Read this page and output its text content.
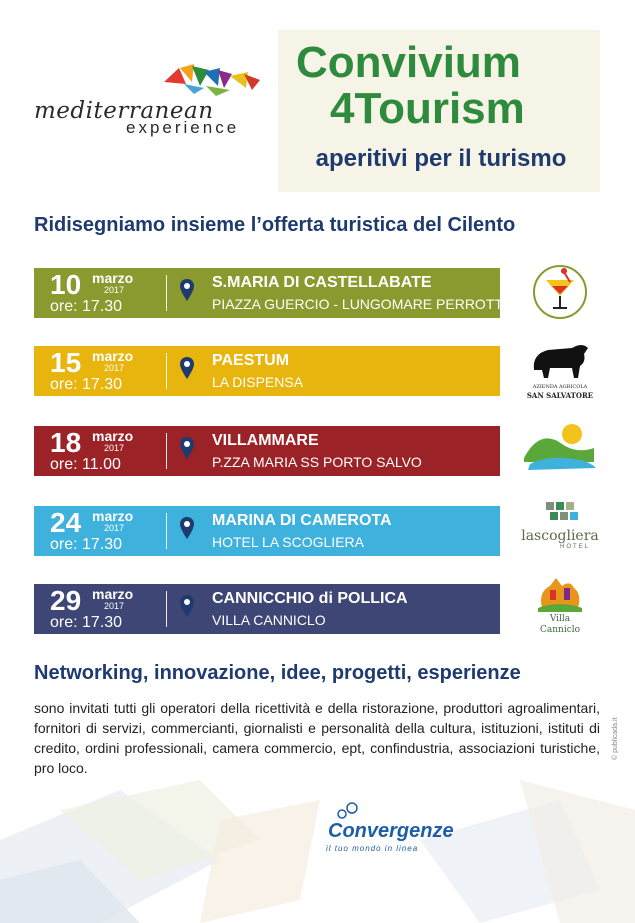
mediterranean
experience
Convivium
4Tourism
aperitivi per il turismo
Ridisegniamo insieme l’offerta turistica del Cilento
10 marzo
2017
ore: 17.30
S.MARIA DI CASTELLABATE
PIAZZA GUERCIO - LUNGOMARE PERROTTI
15 marzo
2017
ore: 17.30
PAESTUM
LA DISPENSA
18 marzo
2017
ore: 11.00
VILLAMMARE
P.ZZA MARIA SS PORTO SALVO
24 marzo
2017
ore: 17.30
MARINA DI CAMEROTA
HOTEL LA SCOGLIERA
29 marzo
2017
ore: 17.30
CANNICCHIO di POLLICA
VILLA CANNICLO
AZIENDA AGRICOLA
SAN SALVATORE
lascogliera
HOTEL
Villa
Canniclo
Networking, innovazione, idee, progetti, esperienze
sono invitati tutti gli operatori della ricettività e della ristorazione, produttori agroalimentari, fornitori di servizi, commercianti, giornalisti e personalità della cultura, istituzioni, istituti di credito, ordini professionali, camera commercio, ept, confindustria, associazioni turistiche, pro loco.
© publicada.it
Convergenze
il tuo mondo in linea
